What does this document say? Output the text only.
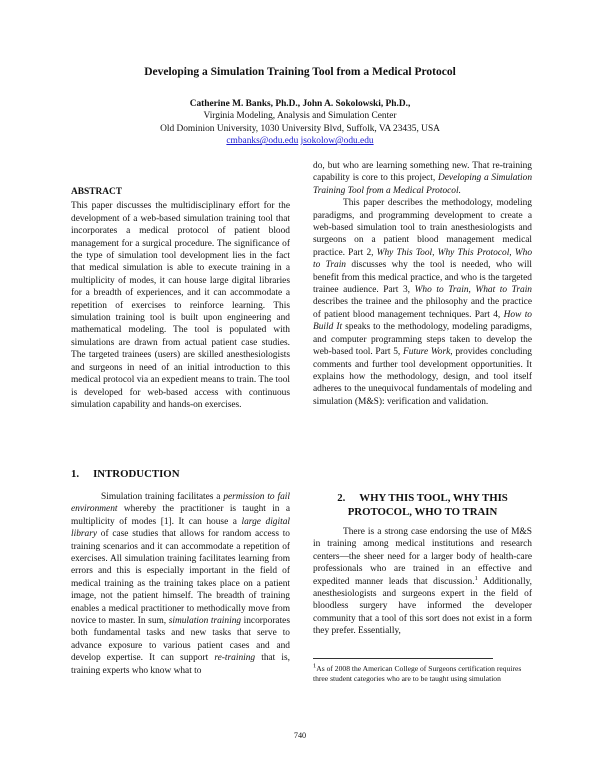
Developing a Simulation Training Tool from a Medical Protocol
Catherine M. Banks, Ph.D., John A. Sokolowski, Ph.D.,
Virginia Modeling, Analysis and Simulation Center
Old Dominion University, 1030 University Blvd, Suffolk, VA 23435, USA
cmbanks@odu.edu jsokolow@odu.edu
ABSTRACT

This paper discusses the multidisciplinary effort for the development of a web-based simulation training tool that incorporates a medical protocol of patient blood management for a surgical procedure. The significance of the type of simulation tool development lies in the fact that medical simulation is able to execute training in a multiplicity of modes, it can house large digital libraries for a breadth of experiences, and it can accommodate a repetition of exercises to reinforce learning. This simulation training tool is built upon engineering and mathematical modeling. The tool is populated with simulations are drawn from actual patient case studies. The targeted trainees (users) are skilled anesthesiologists and surgeons in need of an initial introduction to this medical protocol via an expedient means to train. The tool is developed for web-based access with continuous simulation capability and hands-on exercises.

1. INTRODUCTION

Simulation training facilitates a permission to fail environment whereby the practitioner is taught in a multiplicity of modes [1]. It can house a large digital library of case studies that allows for random access to training scenarios and it can accommodate a repetition of exercises. All simulation training facilitates learning from errors and this is especially important in the field of medical training as the training takes place on a patient image, not the patient himself. The breadth of training enables a medical practitioner to methodically move from novice to master. In sum, simulation training incorporates both fundamental tasks and new tasks that serve to advance exposure to various patient cases and and develop expertise. It can support re-training that is, training experts who know what to

do, but who are learning something new. That re-training capability is core to this project, Developing a Simulation Training Tool from a Medical Protocol.

This paper describes the methodology, modeling paradigms, and programming development to create a web-based simulation tool to train anesthesiologists and surgeons on a patient blood management medical practice. Part 2, Why This Tool, Why This Protocol, Who to Train discusses why the tool is needed, who will benefit from this medical practice, and who is the targeted trainee audience. Part 3, Who to Train, What to Train describes the trainee and the philosophy and the practice of patient blood management techniques. Part 4, How to Build It speaks to the methodology, modeling paradigms, and computer programming steps taken to develop the web-based tool. Part 5, Future Work, provides concluding comments and further tool development opportunities. It explains how the methodology, design, and tool itself adheres to the unequivocal fundamentals of modeling and simulation (M&S): verification and validation.

2. WHY THIS TOOL, WHY THIS PROTOCOL, WHO TO TRAIN

There is a strong case endorsing the use of M&S in training among medical institutions and research centers—the sheer need for a larger body of health-care professionals who are trained in an effective and expedited manner leads that discussion.$^1$ Additionally, anesthesiologists and surgeons expert in the field of bloodless surgery have informed the developer community that a tool of this sort does not exist in a form they prefer. Essentially,

$^1$As of 2008 the American College of Surgeons certification requires three student categories who are to be taught using simulation
740
